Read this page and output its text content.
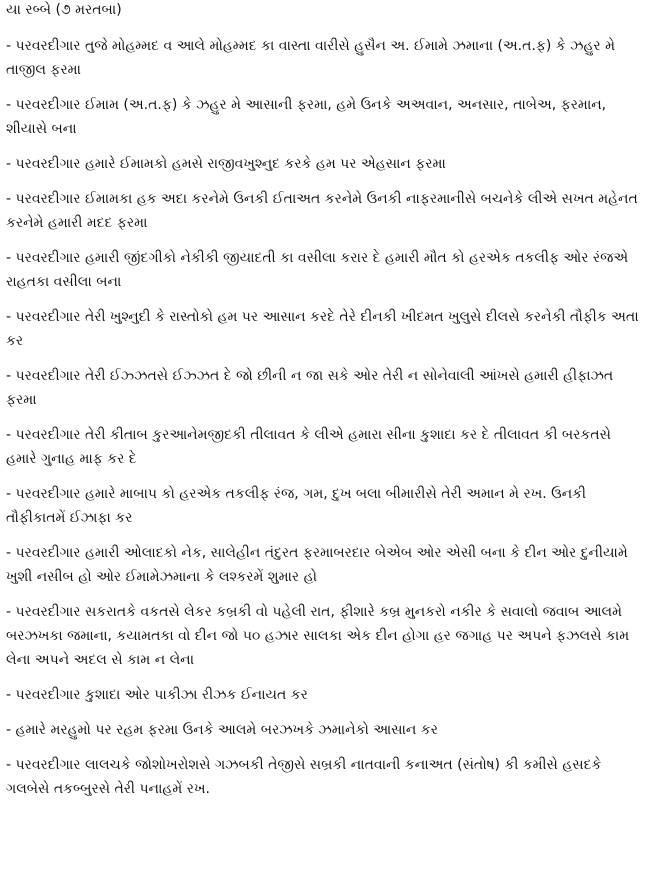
યા રબ્બે (૭ મરતબા)

- પરવરદીગાર તુજે મોહમ્મદ વ આલે મોહમ્મદ કા વાસ્તા વારીસે હુસૈન અ. ઈમામે ઝમાના (અ.ત.ફ) કે ઝહુર મે તાજીલ ફરમા
- પરવરદીગાર ઈમામ (અ.ત.ફ) કે ઝહુર મે આસાની ફરમા, હમે ઉનકે અઅવાન, અનસાર, તાબેઅ, ફરમાન, શીયાસે બના
- પરવરદીગાર હમારે ઈમામકો હમસે રાજીવખુશ્નુદ કરકે હમ પર એહસાન ફરમા
- પરવરદીગાર ઈમામકા હક અદા કરનેમે ઉનકી ઈતાઅત કરનેમે ઉનકી નાફરમાનીસે બચનેકે લીએ સખત મહેનત કરનેમે હમારી મદદ ફરમા
- પરવરદીગાર હમારી જીંદગીકો નેકીકી જીયાદતી કા વસીલા કરાર દે હમારી મૌત કો હરએક તકલીફ ઓર રંજએ રાહતકા વસીલા બના
- પરવરદીગાર તેરી ખુશ્નુદી કે રાસ્તોકો હમ પર આસાન કરદે તેરે દીનકી ખીદમત ખુલુસે દીલસે કરનેકી તૌફીક અતા કર
- પરવરદીગાર તેરી ઈઝ્ઝતસે ઈઝ્ઝત દે જો છીની ન જા સકે ઓર તેરી ન સોનેવાલી આંખસે હમારી હીફાઝત ફરમા
- પરવરદીગાર તેરી કીતાબ કુરઆનેમજીદકી તીલાવત કે લીએ હમારા સીના કુશાદા કર દે તીલાવત કી બરકતસે હમારે ગુનાહ માફ કર દે
- પરવરદીગાર હમારે માબાપ કો હરએક તકલીફ રંજ, ગમ, દુખ બલા બીમારીસે તેરી અમાન મે રખ. ઉનકી તૌફીકાતમેં ઈઝાફા કર
- પરવરદીગાર હમારી ઓલાદકો નેક, સાલેહીન તંદુરત ફરમાબરદાર બેએબ ઓર એસી બના કે દીન ઓર દુનીયામે ખુશી નસીબ હો ઓર ઈમામેઝમાના કે લશ્કરમેં શુમાર હો
- પરવરદીગાર સકરાતકે વકતસે લેકર કબ્રકી વો પહેલી રાત, ફીશારે કબ્ર મુનકરો નકીર કે સવાલો જવાબ આલમે બરઝખકા જમાના, કયામતકા વો દીન જો ૫૦ હઝાર સાલકા એક દીન હોગા હર જગાહ પર અપને ફઝલસે કામ લેના અપને અદલ સે કામ ન લેના
- પરવરદીગાર કુશાદા ઓર પાકીઝા રીઝક ઈનાયત કર
- હમારે મરહુમો પર રહમ ફરમા ઉનકે આલમે બરઝખકે ઝમાનેકો આસાન કર
- પરવરદીગાર લાલચકે જોશોખરોશસે ગઝબકી તેજીસે સબ્રકી નાતવાની કનાઅત (સંતોષ) કી કમીસે હસદકે ગલબેસે તકબ્બુરસે તેરી પનાહમેં રખ.
